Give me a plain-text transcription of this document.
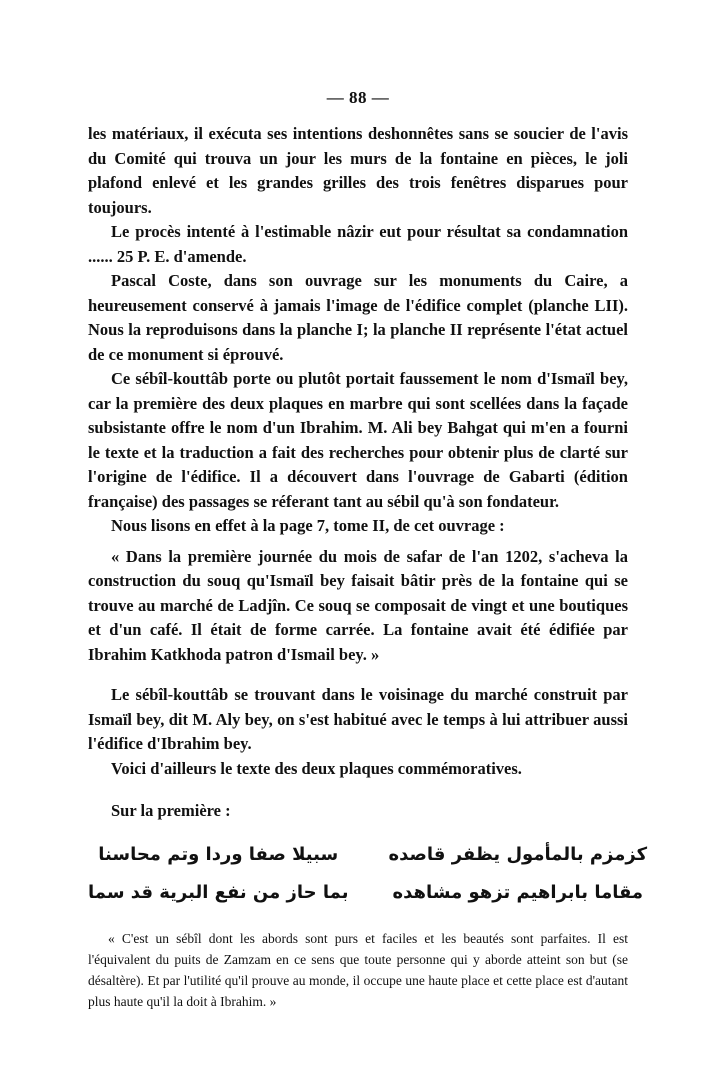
— 88 —

les matériaux, il exécuta ses intentions deshonnêtes sans se soucier de l'avis du Comité qui trouva un jour les murs de la fontaine en pièces, le joli plafond enlevé et les grandes grilles des trois fenêtres disparues pour toujours.

Le procès intenté à l'estimable nâzir eut pour résultat sa condamnation ...... 25 P. E. d'amende.

Pascal Coste, dans son ouvrage sur les monuments du Caire, a heureusement conservé à jamais l'image de l'édifice complet (planche LII). Nous la reproduisons dans la planche I; la planche II représente l'état actuel de ce monument si éprouvé.

Ce sébîl-kouttâb porte ou plutôt portait faussement le nom d'Ismaïl bey, car la première des deux plaques en marbre qui sont scellées dans la façade subsistante offre le nom d'un Ibrahim. M. Ali bey Bahgat qui m'en a fourni le texte et la traduction a fait des recherches pour obtenir plus de clarté sur l'origine de l'édifice. Il a découvert dans l'ouvrage de Gabarti (édition française) des passages se réferant tant au sébil qu'à son fondateur.

Nous lisons en effet à la page 7, tome II, de cet ouvrage :

« Dans la première journée du mois de safar de l'an 1202, s'acheva la construction du souq qu'Ismaïl bey faisait bâtir près de la fontaine qui se trouve au marché de Ladjîn. Ce souq se composait de vingt et une boutiques et d'un café. Il était de forme carrée. La fontaine avait été édifiée par Ibrahim Katkhoda patron d'Ismail bey. »

Le sébîl-kouttâb se trouvant dans le voisinage du marché construit par Ismaïl bey, dit M. Aly bey, on s'est habitué avec le temps à lui attribuer aussi l'édifice d'Ibrahim bey.

Voici d'ailleurs le texte des deux plaques commémoratives.

Sur la première :

سبيلا صفا وردا وتم محاسنا	كزمزم بالمأمول يظفر قاصده
بما حاز من نفع البرية قد سما مقاما بابراهيم تزهو مشاهده

« C'est un sébîl dont les abords sont purs et faciles et les beautés sont parfaites. Il est l'équivalent du puits de Zamzam en ce sens que toute personne qui y aborde atteint son but (se désaltère). Et par l'utilité qu'il prouve au monde, il occupe une haute place et cette place est d'autant plus haute qu'il la doit à Ibrahim. »
